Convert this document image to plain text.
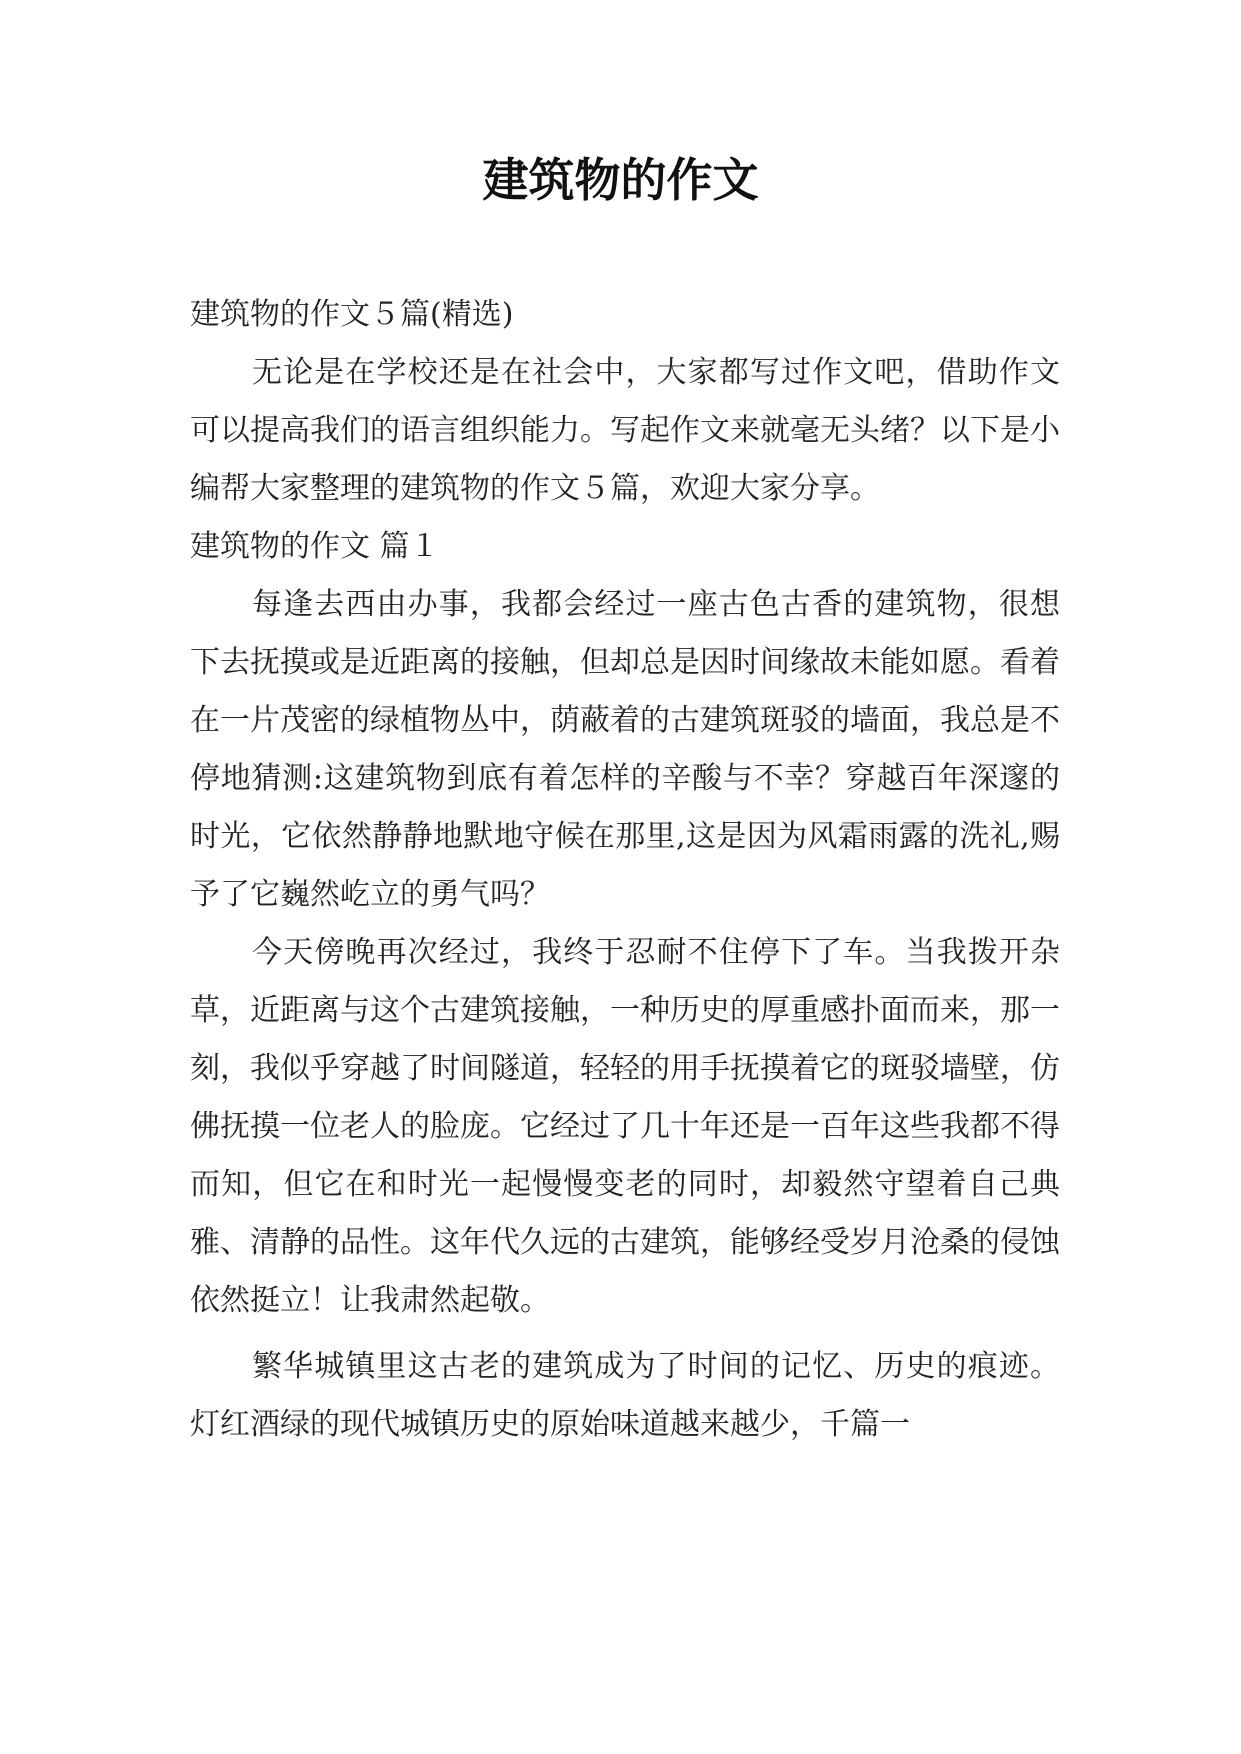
建筑物的作文

建筑物的作文５篇(精选)

无论是在学校还是在社会中，大家都写过作文吧，借助作文可以提高我们的语言组织能力。写起作文来就毫无头绪？以下是小编帮大家整理的建筑物的作文５篇，欢迎大家分享。

建筑物的作文 篇１

每逢去西由办事，我都会经过一座古色古香的建筑物，很想下去抚摸或是近距离的接触，但却总是因时间缘故未能如愿。看着在一片茂密的绿植物丛中，荫蔽着的古建筑斑驳的墙面，我总是不停地猜测:这建筑物到底有着怎样的辛酸与不幸？穿越百年深邃的时光，它依然静静地默地守候在那里,这是因为风霜雨露的洗礼,赐予了它巍然屹立的勇气吗？

今天傍晚再次经过，我终于忍耐不住停下了车。当我拨开杂草，近距离与这个古建筑接触，一种历史的厚重感扑面而来，那一刻，我似乎穿越了时间隧道，轻轻的用手抚摸着它的斑驳墙壁，仿佛抚摸一位老人的脸庞。它经过了几十年还是一百年这些我都不得而知，但它在和时光一起慢慢变老的同时，却毅然守望着自己典雅、清静的品性。这年代久远的古建筑，能够经受岁月沧桑的侵蚀依然挺立！让我肃然起敬。

繁华城镇里这古老的建筑成为了时间的记忆、历史的痕迹。灯红酒绿的现代城镇历史的原始味道越来越少，千篇一
